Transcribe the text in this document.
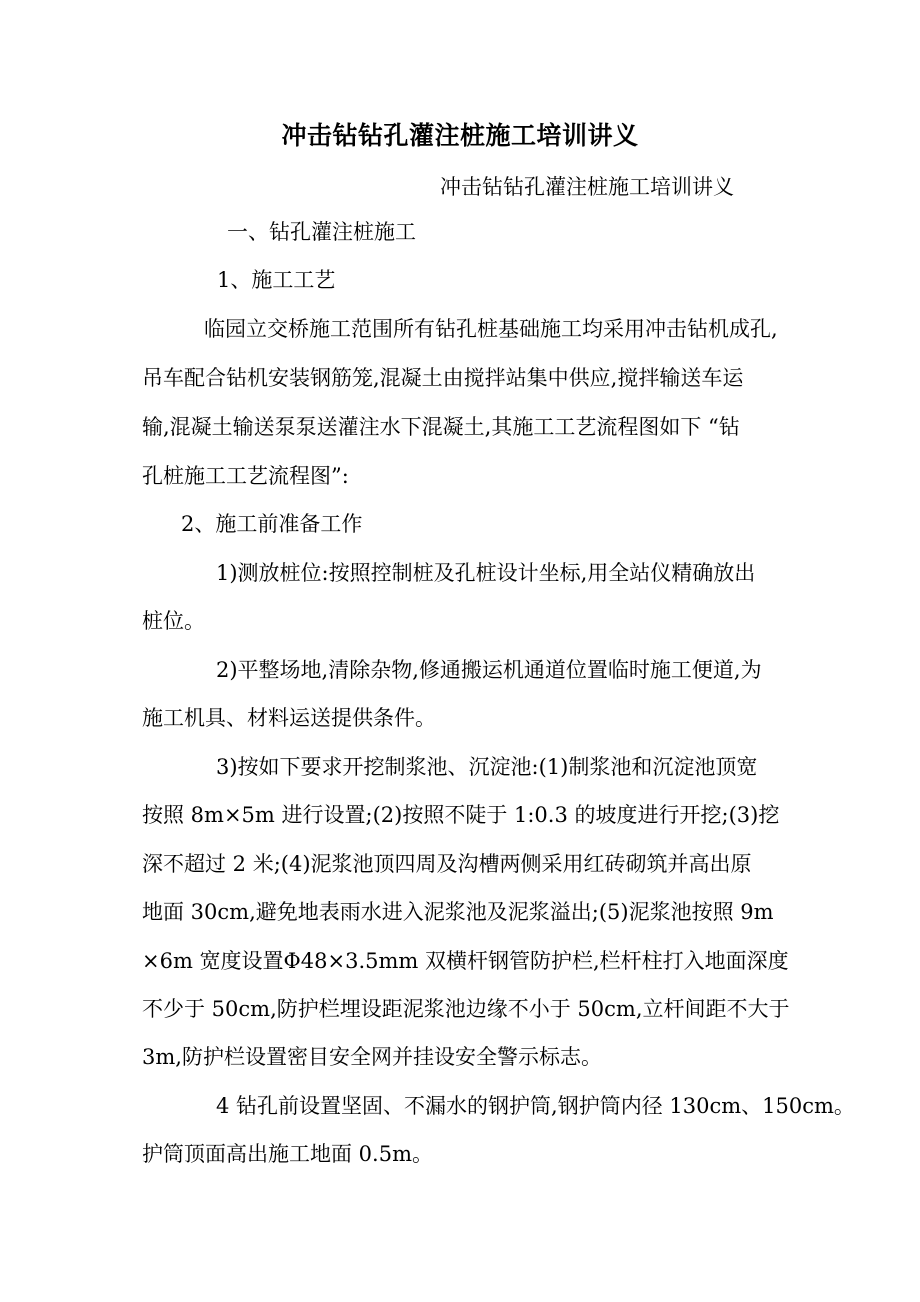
冲击钻钻孔灌注桩施工培训讲义
冲击钻钻孔灌注桩施工培训讲义
一、钻孔灌注桩施工
1、施工工艺
临园立交桥施工范围所有钻孔桩基础施工均采用冲击钻机成孔,
吊车配合钻机安装钢筋笼,混凝土由搅拌站集中供应,搅拌输送车运
输,混凝土输送泵泵送灌注水下混凝土,其施工工艺流程图如下 “钻
孔桩施工工艺流程图”:
2、施工前准备工作
1)测放桩位:按照控制桩及孔桩设计坐标,用全站仪精确放出
桩位。
2)平整场地,清除杂物,修通搬运机通道位置临时施工便道,为
施工机具、材料运送提供条件。
3)按如下要求开挖制浆池、沉淀池:(1)制浆池和沉淀池顶宽
按照 8m×5m 进行设置;(2)按照不陡于 1:0.3 的坡度进行开挖;(3)挖
深不超过 2 米;(4)泥浆池顶四周及沟槽两侧采用红砖砌筑并高出原
地面 30cm,避免地表雨水进入泥浆池及泥浆溢出;(5)泥浆池按照 9m
×6m 宽度设置Φ48×3.5mm 双横杆钢管防护栏,栏杆柱打入地面深度
不少于 50cm,防护栏埋设距泥浆池边缘不小于 50cm,立杆间距不大于
3m,防护栏设置密目安全网并挂设安全警示标志。
4 钻孔前设置坚固、不漏水的钢护筒,钢护筒内径 130cm、150cm。
护筒顶面高出施工地面 0.5m。
